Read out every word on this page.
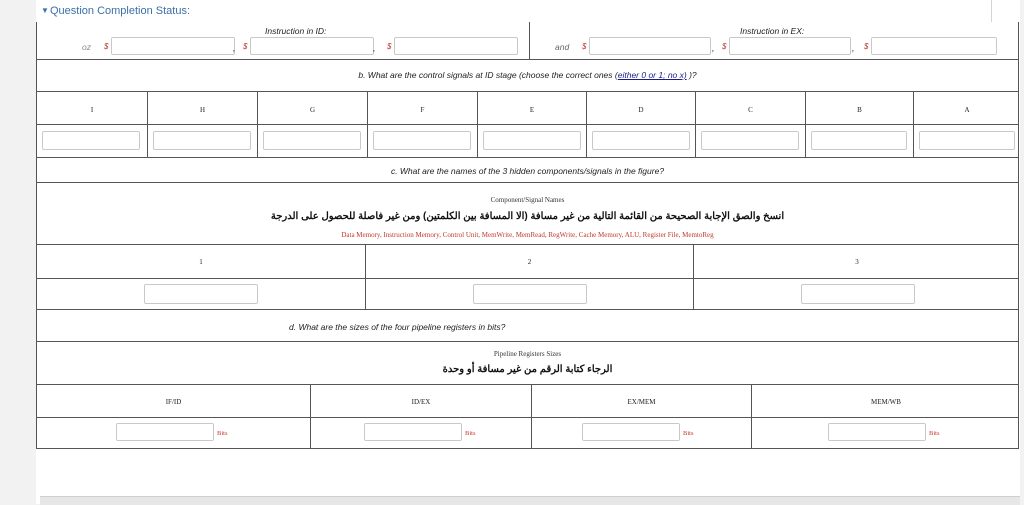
▼ Question Completion Status:
Instruction in ID:
oz $	, $	, $
Instruction in EX:
and $	, $	, $
b. What are the control signals at ID stage (choose the correct ones (either 0 or 1; no x) )?
I	H	G	F	E	D	C	B	A
c. What are the names of the 3 hidden components/signals in the figure?
Component/Signal Names
انسخ والصق الإجابة الصحيحة من القائمة التالية من غير مسافة (الا المسافة بين الكلمتين) ومن غير فاصلة للحصول على الدرجة
Data Memory, Instruction Memory, Control Unit, MemWrite, MemRead, RegWrite, Cache Memory, ALU, Register File, MemtoReg
1	2	3
d. What are the sizes of the four pipeline registers in bits?
Pipeline Registers Sizes
الرجاء كتابة الرقم من غير مسافة أو وحدة
IF/ID	ID/EX	EX/MEM	MEM/WB
Bits	Bits	Bits	Bits
